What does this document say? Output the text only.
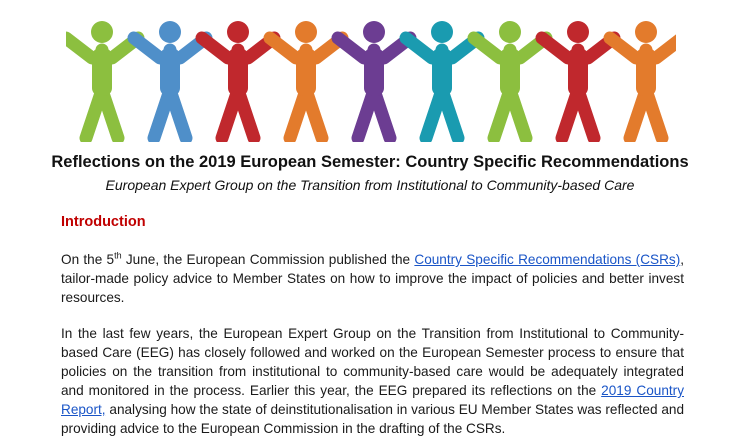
Reflections on the 2019 European Semester: Country Specific Recommendations
European Expert Group on the Transition from Institutional to Community-based Care
Introduction
On the 5th June, the European Commission published the Country Specific Recommendations (CSRs), tailor-made policy advice to Member States on how to improve the impact of policies and better invest resources.
In the last few years, the European Expert Group on the Transition from Institutional to Community-based Care (EEG) has closely followed and worked on the European Semester process to ensure that policies on the transition from institutional to community-based care would be adequately integrated and monitored in the process. Earlier this year, the EEG prepared its reflections on the 2019 Country Report, analysing how the state of deinstitutionalisation in various EU Member States was reflected and providing advice to the European Commission in the drafting of the CSRs.
